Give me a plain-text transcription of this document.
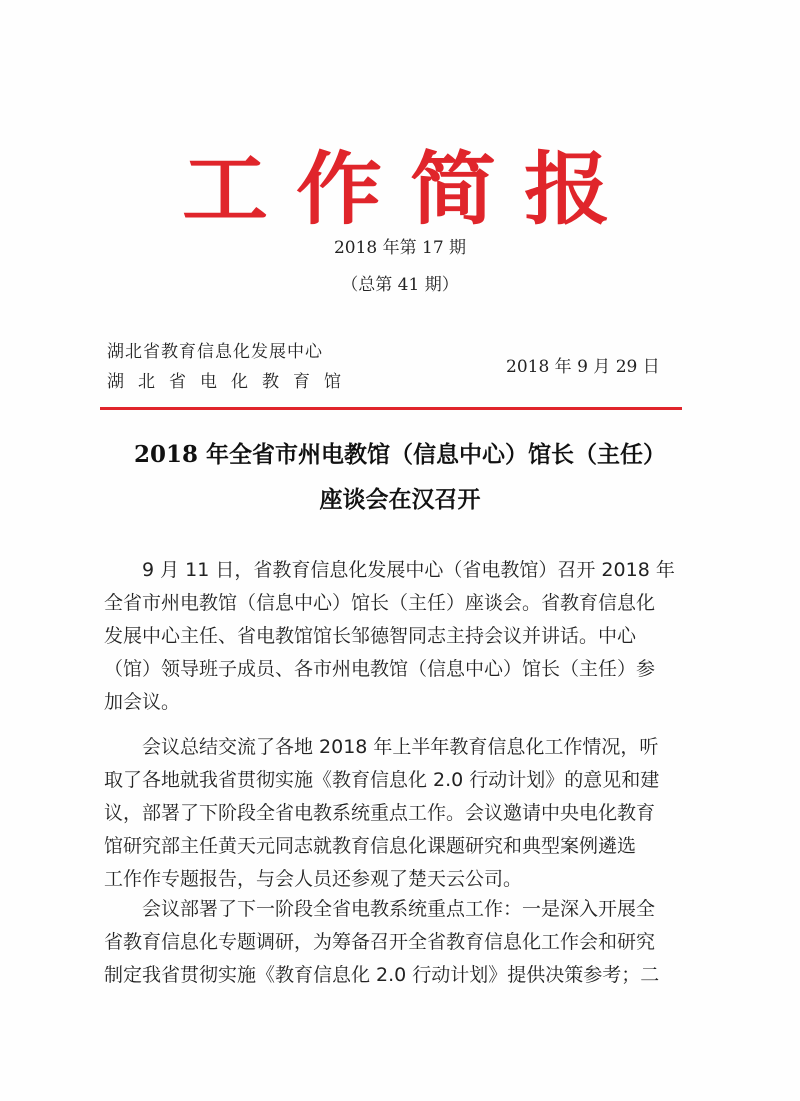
工作简报
2018 年第 17 期
（总第 41 期）
湖北省教育信息化发展中心
湖北省电化教育馆
2018 年 9 月 29 日
2018 年全省市州电教馆（信息中心）馆长（主任）
座谈会在汉召开
9 月 11 日，省教育信息化发展中心（省电教馆）召开 2018 年
全省市州电教馆（信息中心）馆长（主任）座谈会。省教育信息化
发展中心主任、省电教馆馆长邹德智同志主持会议并讲话。中心
（馆）领导班子成员、各市州电教馆（信息中心）馆长（主任）参
加会议。
会议总结交流了各地 2018 年上半年教育信息化工作情况，听
取了各地就我省贯彻实施《教育信息化 2.0 行动计划》的意见和建
议，部署了下阶段全省电教系统重点工作。会议邀请中央电化教育
馆研究部主任黄天元同志就教育信息化课题研究和典型案例遴选
工作作专题报告，与会人员还参观了楚天云公司。
会议部署了下一阶段全省电教系统重点工作：一是深入开展全
省教育信息化专题调研，为筹备召开全省教育信息化工作会和研究
制定我省贯彻实施《教育信息化 2.0 行动计划》提供决策参考；二
